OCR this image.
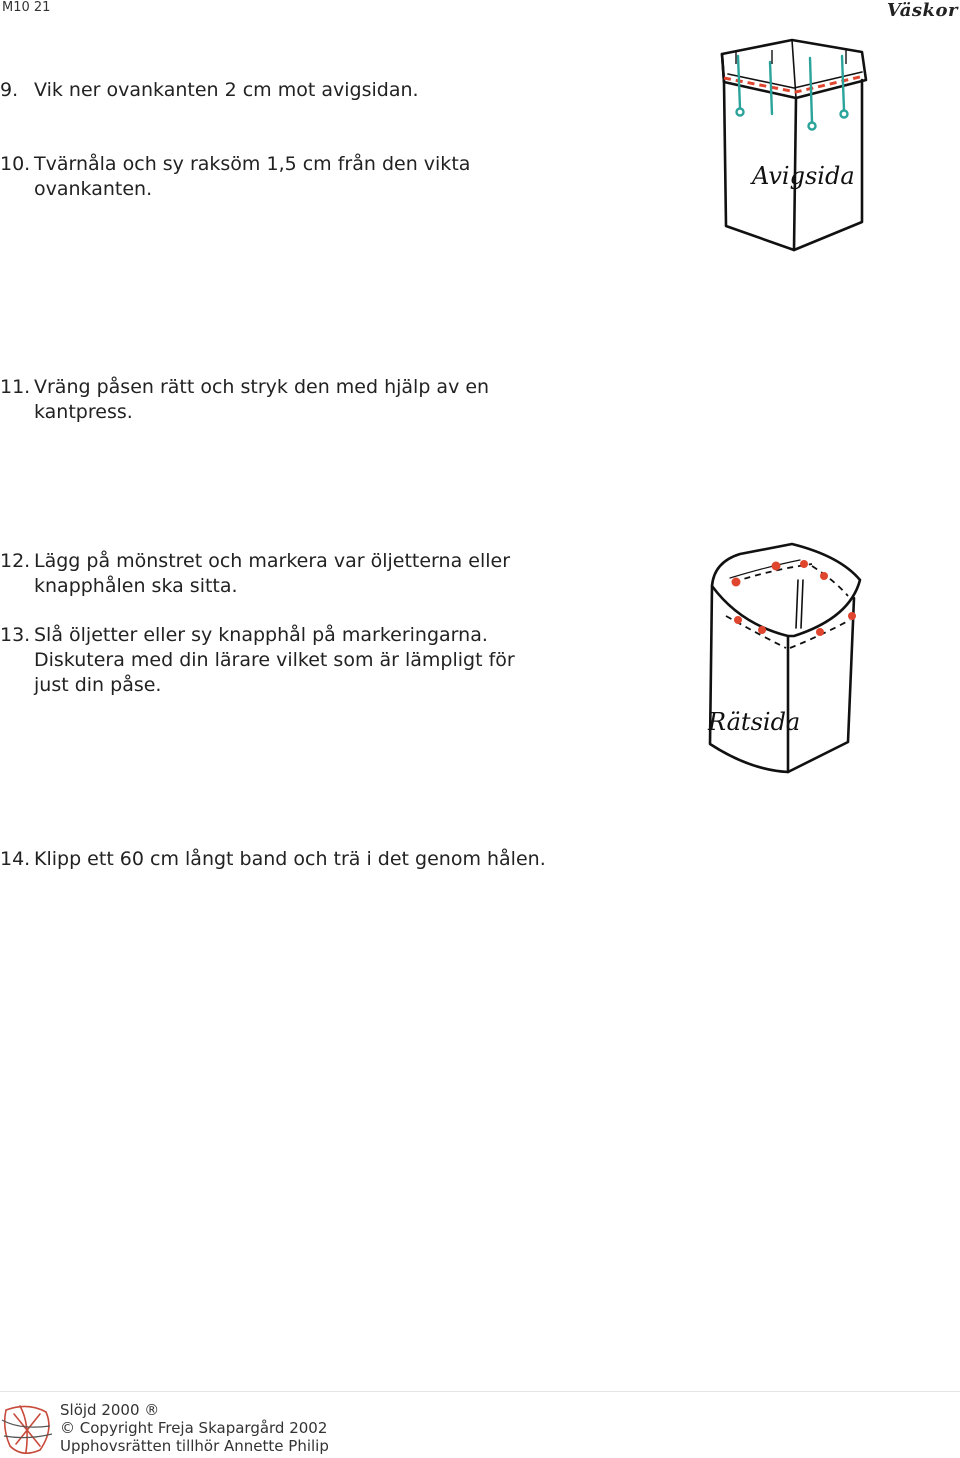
M10 21	Väskor
9. Vik ner ovankanten 2 cm mot avigsidan.
10. Tvärnåla och sy raksöm 1,5 cm från den vikta
ovankanten.
11. Vräng påsen rätt och stryk den med hjälp av en
kantpress.
12. Lägg på mönstret och markera var öljetterna eller
knapphålen ska sitta.
13. Slå öljetter eller sy knapphål på markeringarna.
Diskutera med din lärare vilket som är lämpligt för
just din påse.
14. Klipp ett 60 cm långt band och trä i det genom hålen.
Avigsida
Rätsida
Slöjd 2000 ®
© Copyright Freja Skapargård 2002
Upphovsrätten tillhör Annette Philip
